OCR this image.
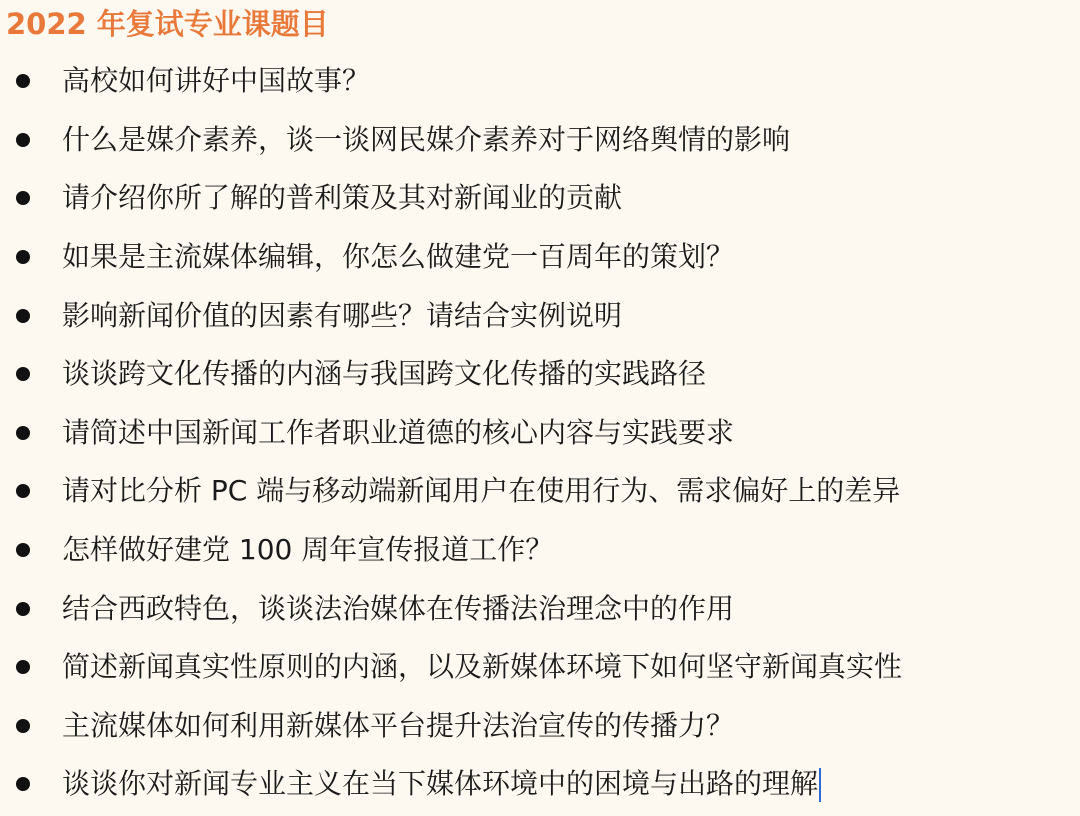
2022 年复试专业课题目
高校如何讲好中国故事？
什么是媒介素养，谈一谈网民媒介素养对于网络舆情的影响
请介绍你所了解的普利策及其对新闻业的贡献
如果是主流媒体编辑，你怎么做建党一百周年的策划？
影响新闻价值的因素有哪些？请结合实例说明
谈谈跨文化传播的内涵与我国跨文化传播的实践路径
请简述中国新闻工作者职业道德的核心内容与实践要求
请对比分析 PC 端与移动端新闻用户在使用行为、需求偏好上的差异
怎样做好建党 100 周年宣传报道工作？
结合西政特色，谈谈法治媒体在传播法治理念中的作用
简述新闻真实性原则的内涵，以及新媒体环境下如何坚守新闻真实性
主流媒体如何利用新媒体平台提升法治宣传的传播力？
谈谈你对新闻专业主义在当下媒体环境中的困境与出路的理解
